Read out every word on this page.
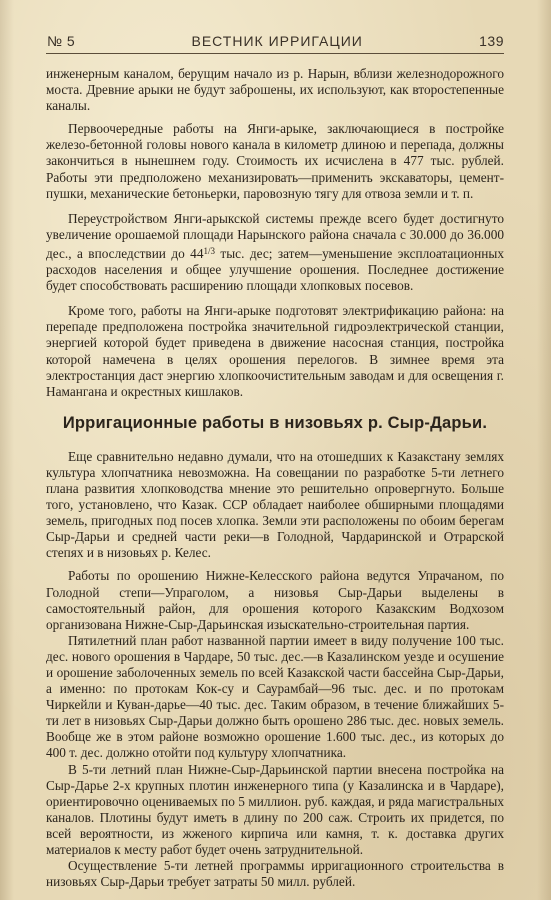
№ 5	ВЕСТНИК ИРРИГАЦИИ	139

инженерным каналом, берущим начало из р. Нарын, вблизи железнодорожного моста. Древние арыки не будут заброшены, их используют, как второстепенные каналы.

Первоочередные работы на Янги-арыке, заключающиеся в постройке железо-бетонной головы нового канала в километр длиною и перепада, должны закончиться в нынешнем году. Стоимость их исчислена в 477 тыс. рублей. Работы эти предположено механизировать—применить экскаваторы, цемент-пушки, механические бетоньерки, паровозную тягу для отвоза земли и т. п.

Переустройством Янги-арыкской системы прежде всего будет достигнуто увеличение орошаемой площади Нарынского района сначала с 30.000 до 36.000 дес., а впоследствии до $44^{1/3}$ тыс. дес; затем—уменьшение эксплоатационных расходов населения и общее улучшение орошения. Последнее достижение будет способствовать расширению площади хлопковых посевов.

Кроме того, работы на Янги-арыке подготовят электрификацию района: на перепаде предположена постройка значительной гидроэлектрической станции, энергией которой будет приведена в движение насосная станция, постройка которой намечена в целях орошения перелогов. В зимнее время эта электростанция даст энергию хлопкоочистительным заводам и для освещения г. Намангана и окрестных кишлаков.

Ирригационные работы в низовьях р. Сыр-Дарьи.

Еще сравнительно недавно думали, что на отошедших к Казакстану землях культура хлопчатника невозможна. На совещании по разработке 5-ти летнего плана развития хлопководства мнение это решительно опровергнуто. Больше того, установлено, что Казак. ССР обладает наиболее обширными площадями земель, пригодных под посев хлопка. Земли эти расположены по обоим берегам Сыр-Дарьи и средней части реки—в Голодной, Чардаринской и Отрарской степях и в низовьях р. Келес.

Работы по орошению Нижне-Келесского района ведутся Упрачаном, по Голодной степи—Упраголом, а низовья Сыр-Дарьи выделены в самостоятельный район, для орошения которого Казакским Водхозом организована Нижне-Сыр-Дарьинская изыскательно-строительная партия.

Пятилетний план работ названной партии имеет в виду получение 100 тыс. дес. нового орошения в Чардаре, 50 тыс. дес.—в Казалинском уезде и осушение и орошение заболоченных земель по всей Казакской части бассейна Сыр-Дарьи, а именно: по протокам Кок-су и Саурамбай—96 тыс. дес. и по протокам Чиркейли и Куван-дарье—40 тыс. дес. Таким образом, в течение ближайших 5-ти лет в низовьях Сыр-Дарьи должно быть орошено 286 тыс. дес. новых земель. Вообще же в этом районе возможно орошение 1.600 тыс. дес., из которых до 400 т. дес. должно отойти под культуру хлопчатника.

В 5-ти летний план Нижне-Сыр-Дарьинской партии внесена постройка на Сыр-Дарье 2-х крупных плотин инженерного типа (у Казалинска и в Чардаре), ориентировочно оцениваемых по 5 миллион. руб. каждая, и ряда магистральных каналов. Плотины будут иметь в длину по 200 саж. Строить их придется, по всей вероятности, из жженого кирпича или камня, т. к. доставка других материалов к месту работ будет очень затруднительной.

Осуществление 5-ти летней программы ирригационного строительства в низовьях Сыр-Дарьи требует затраты 50 милл. рублей.
